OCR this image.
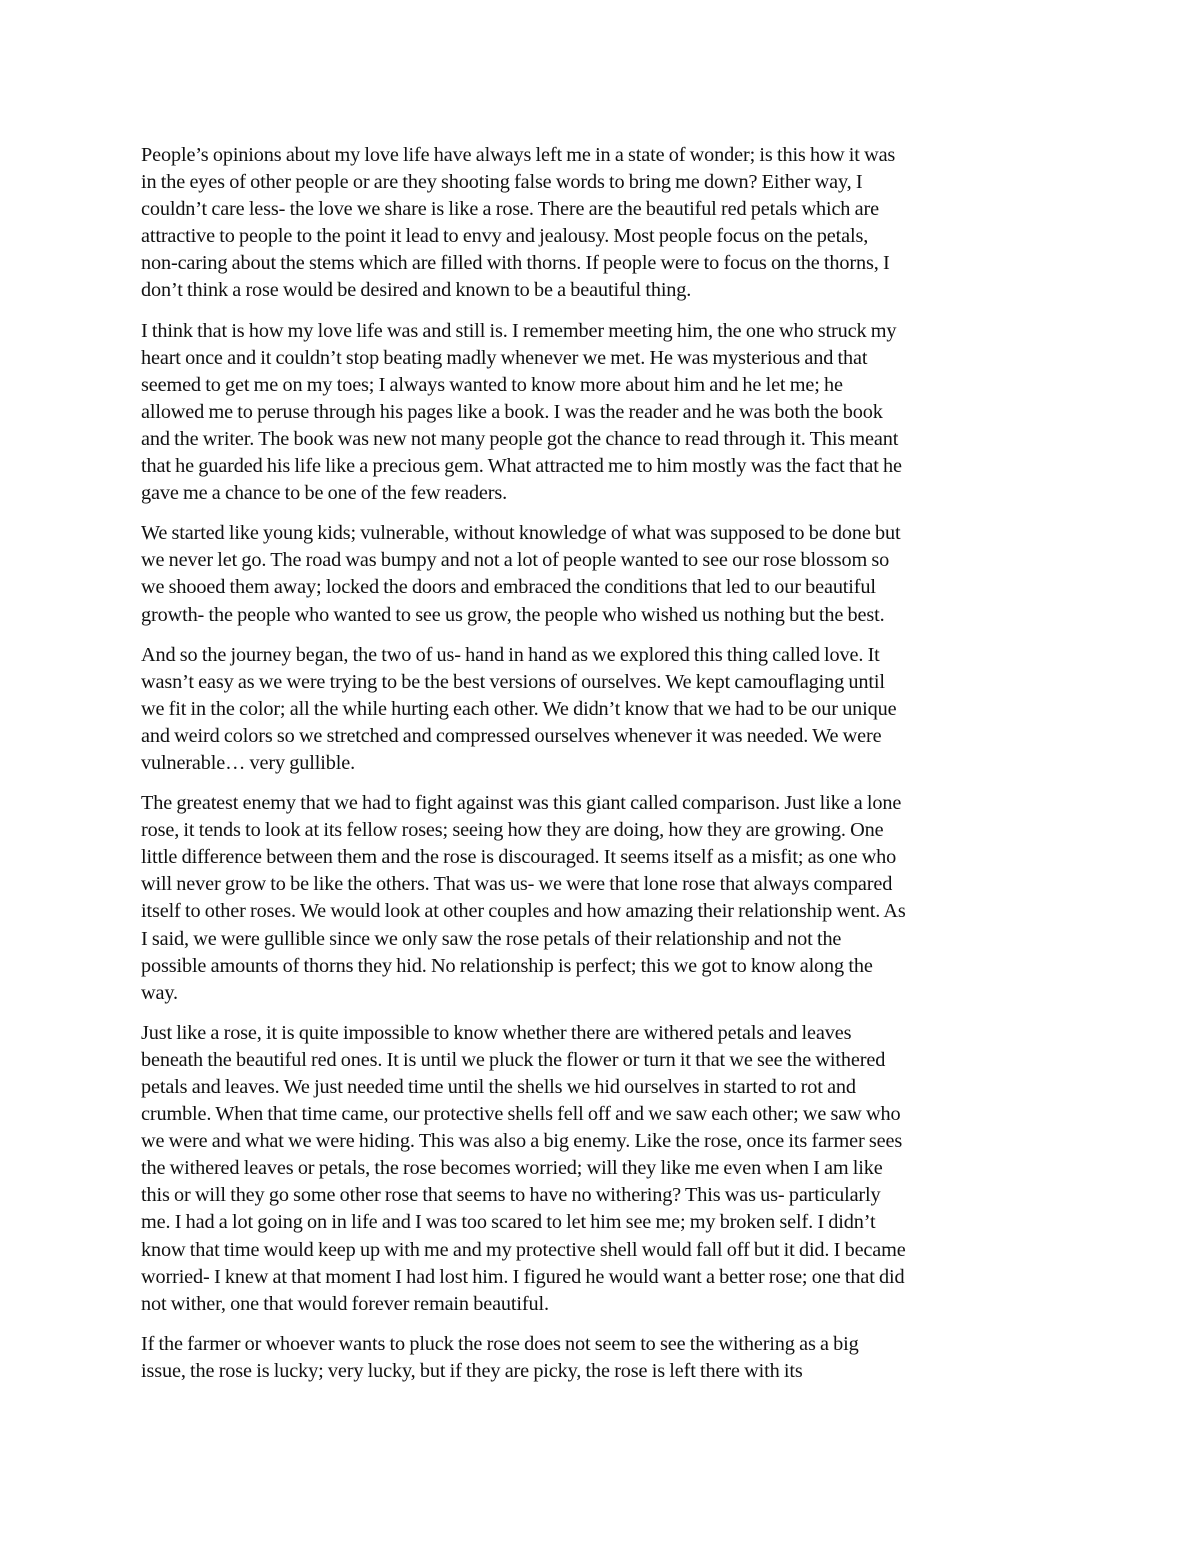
People’s opinions about my love life have always left me in a state of wonder; is this how it was
in the eyes of other people or are they shooting false words to bring me down? Either way, I
couldn’t care less- the love we share is like a rose. There are the beautiful red petals which are
attractive to people to the point it lead to envy and jealousy. Most people focus on the petals,
non-caring about the stems which are filled with thorns. If people were to focus on the thorns, I
don’t think a rose would be desired and known to be a beautiful thing.

I think that is how my love life was and still is. I remember meeting him, the one who struck my
heart once and it couldn’t stop beating madly whenever we met. He was mysterious and that
seemed to get me on my toes; I always wanted to know more about him and he let me; he
allowed me to peruse through his pages like a book. I was the reader and he was both the book
and the writer. The book was new not many people got the chance to read through it. This meant
that he guarded his life like a precious gem. What attracted me to him mostly was the fact that he
gave me a chance to be one of the few readers.

We started like young kids; vulnerable, without knowledge of what was supposed to be done but
we never let go. The road was bumpy and not a lot of people wanted to see our rose blossom so
we shooed them away; locked the doors and embraced the conditions that led to our beautiful
growth- the people who wanted to see us grow, the people who wished us nothing but the best.

And so the journey began, the two of us- hand in hand as we explored this thing called love. It
wasn’t easy as we were trying to be the best versions of ourselves. We kept camouflaging until
we fit in the color; all the while hurting each other. We didn’t know that we had to be our unique
and weird colors so we stretched and compressed ourselves whenever it was needed. We were
vulnerable… very gullible.

The greatest enemy that we had to fight against was this giant called comparison. Just like a lone
rose, it tends to look at its fellow roses; seeing how they are doing, how they are growing. One
little difference between them and the rose is discouraged. It seems itself as a misfit; as one who
will never grow to be like the others. That was us- we were that lone rose that always compared
itself to other roses. We would look at other couples and how amazing their relationship went. As
I said, we were gullible since we only saw the rose petals of their relationship and not the
possible amounts of thorns they hid. No relationship is perfect; this we got to know along the
way.

Just like a rose, it is quite impossible to know whether there are withered petals and leaves
beneath the beautiful red ones. It is until we pluck the flower or turn it that we see the withered
petals and leaves. We just needed time until the shells we hid ourselves in started to rot and
crumble. When that time came, our protective shells fell off and we saw each other; we saw who
we were and what we were hiding. This was also a big enemy. Like the rose, once its farmer sees
the withered leaves or petals, the rose becomes worried; will they like me even when I am like
this or will they go some other rose that seems to have no withering? This was us- particularly
me. I had a lot going on in life and I was too scared to let him see me; my broken self. I didn’t
know that time would keep up with me and my protective shell would fall off but it did. I became
worried- I knew at that moment I had lost him. I figured he would want a better rose; one that did
not wither, one that would forever remain beautiful.

If the farmer or whoever wants to pluck the rose does not seem to see the withering as a big
issue, the rose is lucky; very lucky, but if they are picky, the rose is left there with its
